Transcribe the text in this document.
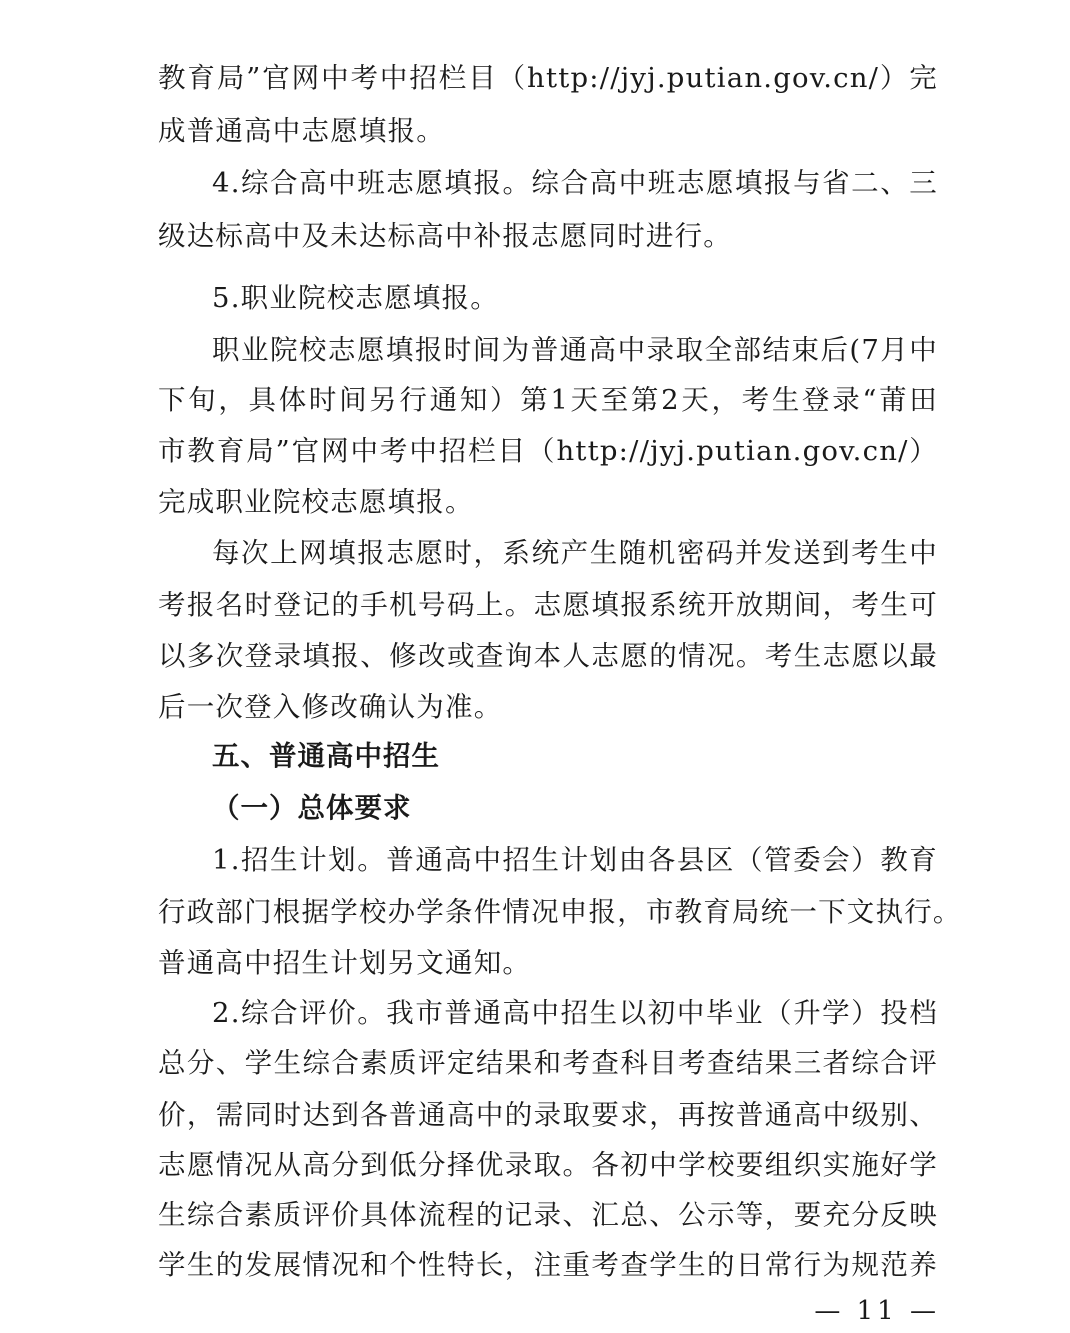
教育局”官网中考中招栏目（http://jyj.putian.gov.cn/）完
成普通高中志愿填报。
4.综合高中班志愿填报。综合高中班志愿填报与省二、三
级达标高中及未达标高中补报志愿同时进行。
5.职业院校志愿填报。
职业院校志愿填报时间为普通高中录取全部结束后(7月中
下旬，具体时间另行通知）第1天至第2天，考生登录“莆田
市教育局”官网中考中招栏目（http://jyj.putian.gov.cn/）
完成职业院校志愿填报。
每次上网填报志愿时，系统产生随机密码并发送到考生中
考报名时登记的手机号码上。志愿填报系统开放期间，考生可
以多次登录填报、修改或查询本人志愿的情况。考生志愿以最
后一次登入修改确认为准。
五、普通高中招生
（一）总体要求
1.招生计划。普通高中招生计划由各县区（管委会）教育
行政部门根据学校办学条件情况申报，市教育局统一下文执行。
普通高中招生计划另文通知。
2.综合评价。我市普通高中招生以初中毕业（升学）投档
总分、学生综合素质评定结果和考查科目考查结果三者综合评
价，需同时达到各普通高中的录取要求，再按普通高中级别、
志愿情况从高分到低分择优录取。各初中学校要组织实施好学
生综合素质评价具体流程的记录、汇总、公示等，要充分反映
学生的发展情况和个性特长，注重考查学生的日常行为规范养
— 11 —
